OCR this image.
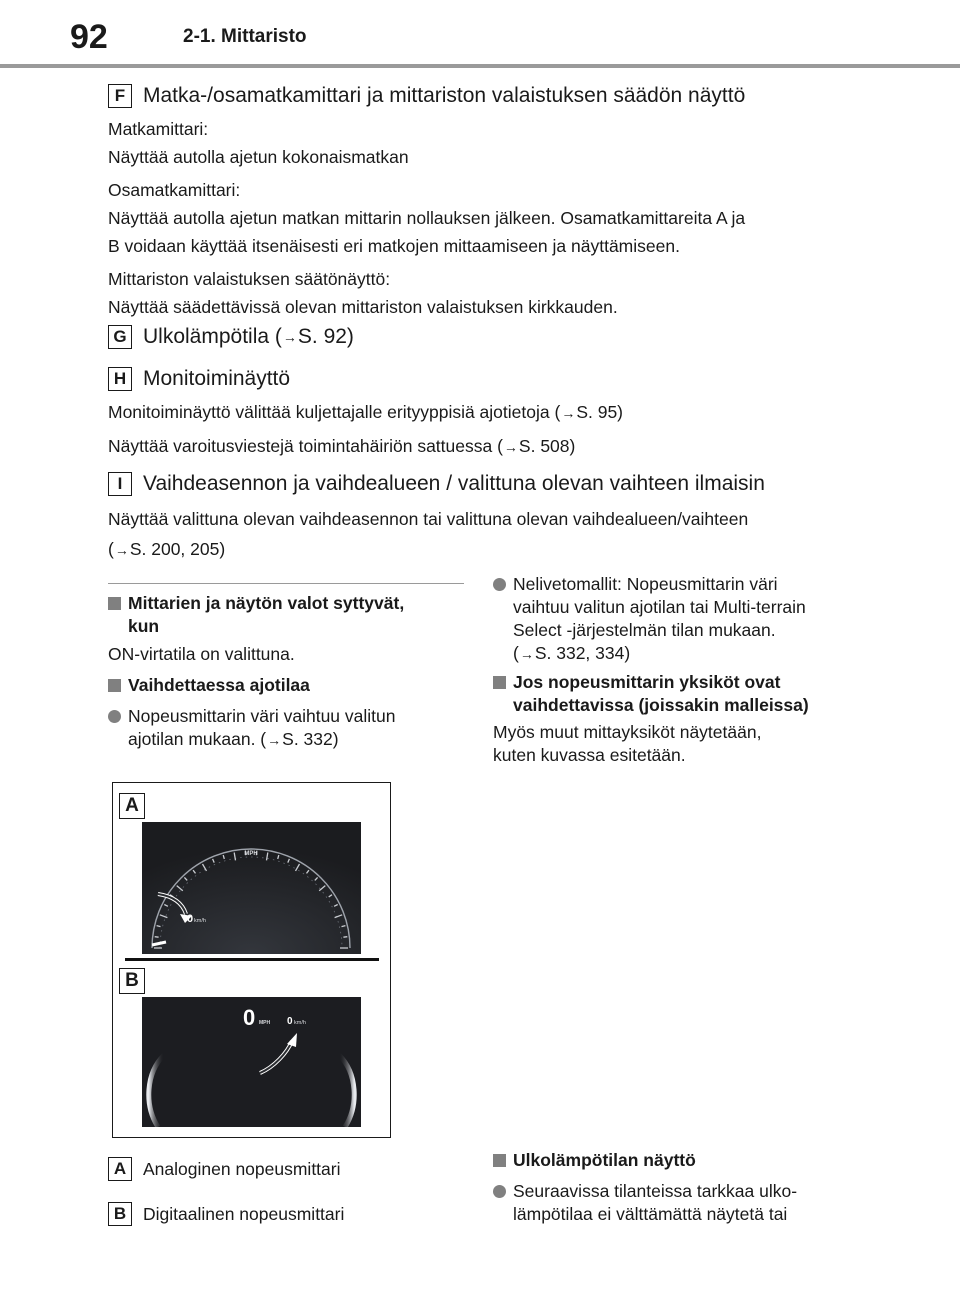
92	2-1. Mittaristo
F Matka-/osamatkamittari ja mittariston valaistuksen säädön näyttö
Matkamittari:
Näyttää autolla ajetun kokonaismatkan
Osamatkamittari:
Näyttää autolla ajetun matkan mittarin nollauksen jälkeen. Osamatkamittareita A ja
B voidaan käyttää itsenäisesti eri matkojen mittaamiseen ja näyttämiseen.
Mittariston valaistuksen säätönäyttö:
Näyttää säädettävissä olevan mittariston valaistuksen kirkkauden.
G Ulkolämpötila ( → S. 92)
H Monitoiminäyttö
Monitoiminäyttö välittää kuljettajalle erityyppisiä ajotietoja (→S. 95)
Näyttää varoitusviestejä toimintahäiriön sattuessa (→S. 508)
I Vaihdeasennon ja vaihdealueen / valittuna olevan vaihteen ilmaisin
Näyttää valittuna olevan vaihdeasennon tai valittuna olevan vaihdealueen/vaihteen
(→S. 200, 205)
Mittarien ja näytön valot syttyvät,
kun
ON-virtatila on valittuna.
Vaihdettaessa ajotilaa
Nopeusmittarin väri vaihtuu valitun
ajotilan mukaan. (→S. 332)
Nelivetomallit: Nopeusmittarin väri
vaihtuu valitun ajotilan tai Multi-terrain
Select -järjestelmän tilan mukaan.
(→S. 332, 334)
Jos nopeusmittarin yksiköt ovat
vaihdettavissa (joissakin malleissa)
Myös muut mittayksiköt näytetään,
kuten kuvassa esitetään.
Ulkolämpötilan näyttö
Seuraavissa tilanteissa tarkkaa ulko-
lämpötilaa ei välttämättä näytetä tai
A
MPH
0 km/h
B
0 MPH 0 km/h
A Analoginen nopeusmittari
B Digitaalinen nopeusmittari
